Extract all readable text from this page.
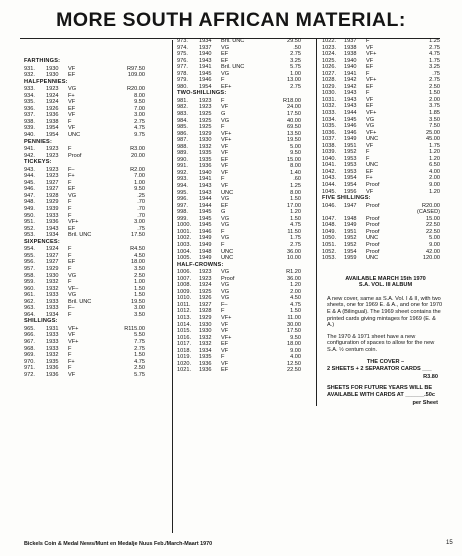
MORE SOUTH AFRICAN MATERIAL:
FARTHINGS:
931.	1930	VF	R97.50
932.	1930	EF	109.00
HALFPENNIES:
933.	1923	VG	R20.00
934.	1924	F+	8.00
935.	1924	VF	9.50
936.	1926	EF	7.00
937.	1936	VF	3.00
938.	1938	F	2.75
939.	1954	VF	4.75
940.	1954	UNC	9.75
PENNIES:
941.	1923	F	R3.00
942.	1923	Proof	20.00
TICKEYS:
943.	1923	F–	R2.00
944.	1923	F+	7.00
945.	1927	F	1.00
946.	1927	EF	9.50
947.	1928	VG	.25
948.	1929	F	.70
949.	1939	F	.70
950.	1933	F	.70
951.	1936	VF+	3.00
952.	1943	EF	.75
953.	1934	Bril. UNC	17.50
SIXPENCES:
954.	1924	F	R4.50
955.	1927	F	4.50
956.	1927	EF	18.00
957.	1929	F	3.50
958.	1930	VG	2.50
959.	1932	F	1.00
960.	1932	VF–	1.50
961.	1933	VG	1.50
962.	1933	Bril. UNC	19.50
963.	1933	F–	3.00
964.	1934	F	3.50
SHILLINGS:
965.	1931	VF+	R115.00
966.	1933	VF	5.50
967.	1933	VF+	7.75
968.	1933	F	2.75
969.	1932	F	1.50
970.	1935	F+	4.75
971.	1936	F	2.50
972.	1936	VF	5.75
973.	1934	Bril. UNC	29.50
974.	1937	VG	.50
975.	1940	EF	2.75
976.	1943	EF	3.25
977.	1941	Bril. UNC	5.75
978.	1945	VG	1.00
979.	1946	F	13.00
980.	1954	EF+	2.75
TWO-SHILLINGS:
981.	1923	F	R18.00
982.	1923	VF	24.00
983.	1925	G	17.50
984.	1925	VG	40.00
985.	1925	F	69.50
986.	1929	VF+	13.50
987.	1930	VF+	19.50
988.	1932	VF	5.00
989.	1935	VF	9.50
990.	1935	EF	15.00
991.	1936	VF	8.00
992.	1940	VF	1.40
993.	1941	F	.60
994.	1943	VF	1.25
995.	1943	UNC	8.00
996.	1944	VG	1.50
997.	1944	EF	17.00
998.	1945	G	1.20
999.	1945	VG	1.50
1000.	1945	VG	4.75
1001.	1946	F	11.50
1002.	1949	VG	1.75
1003.	1949	F	2.75
1004.	1948	UNC	36.00
1005.	1949	UNC	10.00
HALF-CROWNS:
1006.	1923	VG	R1.20
1007.	1923	Proof	36.00
1008.	1924	VG	1.20
1009.	1925	VG	2.00
1010.	1926	VG	4.50
1011.	1927	F–	4.75
1012.	1928	F	1.50
1013.	1929	VF+	11.00
1014.	1930	VF	30.00
1015.	1930	VF	17.50
1016.	1932	VF+	9.50
1017.	1932	EF	18.00
1018.	1934	VF	9.00
1019.	1935	F	4.00
1020.	1936	VF	12.50
1021.	1936	EF	22.50
1022.	1937	F	1.25
1023.	1938	VF	2.75
1024.	1938	VF+	4.75
1025.	1940	VF	1.75
1026.	1940	EF	3.25
1027.	1941	F	.75
1028.	1942	VF+	2.75
1029.	1942	EF	2.50
1030.	1943	F	1.50
1031.	1943	VF	2.00
1032.	1943	EF	3.75
1033.	1944	VF+	1.85
1034.	1945	VG	3.50
1035.	1946	VG	7.50
1036.	1946	VF+	25.00
1037.	1949	UNC	45.00
1038.	1951	VF	1.75
1039.	1952	F	1.20
1040.	1953	F	1.20
1041.	1953	UNC	6.50
1042.	1953	EF	4.00
1043.	1954	F+	2.00
1044.	1954	Proof	9.00
1045.	1956	VF	1.20
FIVE SHILLINGS:
1046.	1947	Proof	R20.00
(CASED)
1047.	1948	Proof	15.00
1048.	1949	Proof	22.50
1049.	1951	Proof	22.50
1050.	1952	UNC	5.00
1051.	1952	Proof	9.00
1052.	1954	Proof	42.00
1053.	1959	UNC	120.00

AVAILABLE MARCH 15th 1970
S.A. VOL. III ALBUM

A new cover, same as S.A. Vol. I & II, with two sheets, one for 1969 E. & A., and one for 1970 E & A (Bilingual). The 1969 sheet contains the printed cards giving mintages for 1969 (E. & A.)

The 1970 & 1971 sheet have a new configuration of spaces to allow for the new S.A. ½ centum coin.

THE COVER –

2 SHEETS + 2 SEPARATOR CARDS ___

R3.80

SHEETS FOR FUTURE YEARS WILL BE AVAILABLE WITH CARDS AT ______.50c

per Sheet

Bickels Coin & Medal News/Munt en Medalje Nuus Feb./March-Maart 1970	15
